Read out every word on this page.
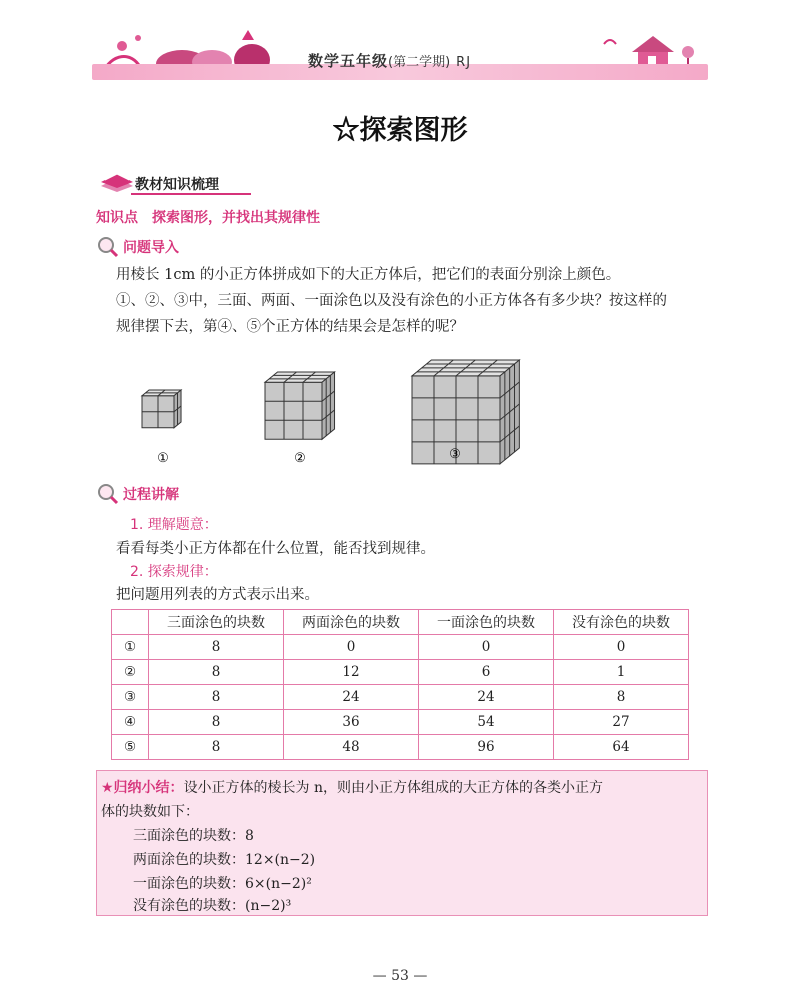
数学五年级(第二学期) RJ
☆探索图形
教材知识梳理
知识点　探索图形，并找出其规律性
问题导入
用棱长 1cm 的小正方体拼成如下的大正方体后，把它们的表面分别涂上颜色。
①、②、③中，三面、两面、一面涂色以及没有涂色的小正方体各有多少块？按这样的
规律摆下去，第④、⑤个正方体的结果会是怎样的呢？
①	②	③
过程讲解
1. 理解题意：
看看每类小正方体都在什么位置，能否找到规律。
2. 探索规律：
把问题用列表的方式表示出来。
	三面涂色的块数	两面涂色的块数	一面涂色的块数	没有涂色的块数
①	8	0	0	0
②	8	12	6	1
③	8	24	24	8
④	8	36	54	27
⑤	8	48	96	64
★归纳小结：设小正方体的棱长为 n，则由小正方体组成的大正方体的各类小正方
体的块数如下：
三面涂色的块数：8
两面涂色的块数：12×(n−2)
一面涂色的块数：6×(n−2)²
没有涂色的块数：(n−2)³
— 53 —
